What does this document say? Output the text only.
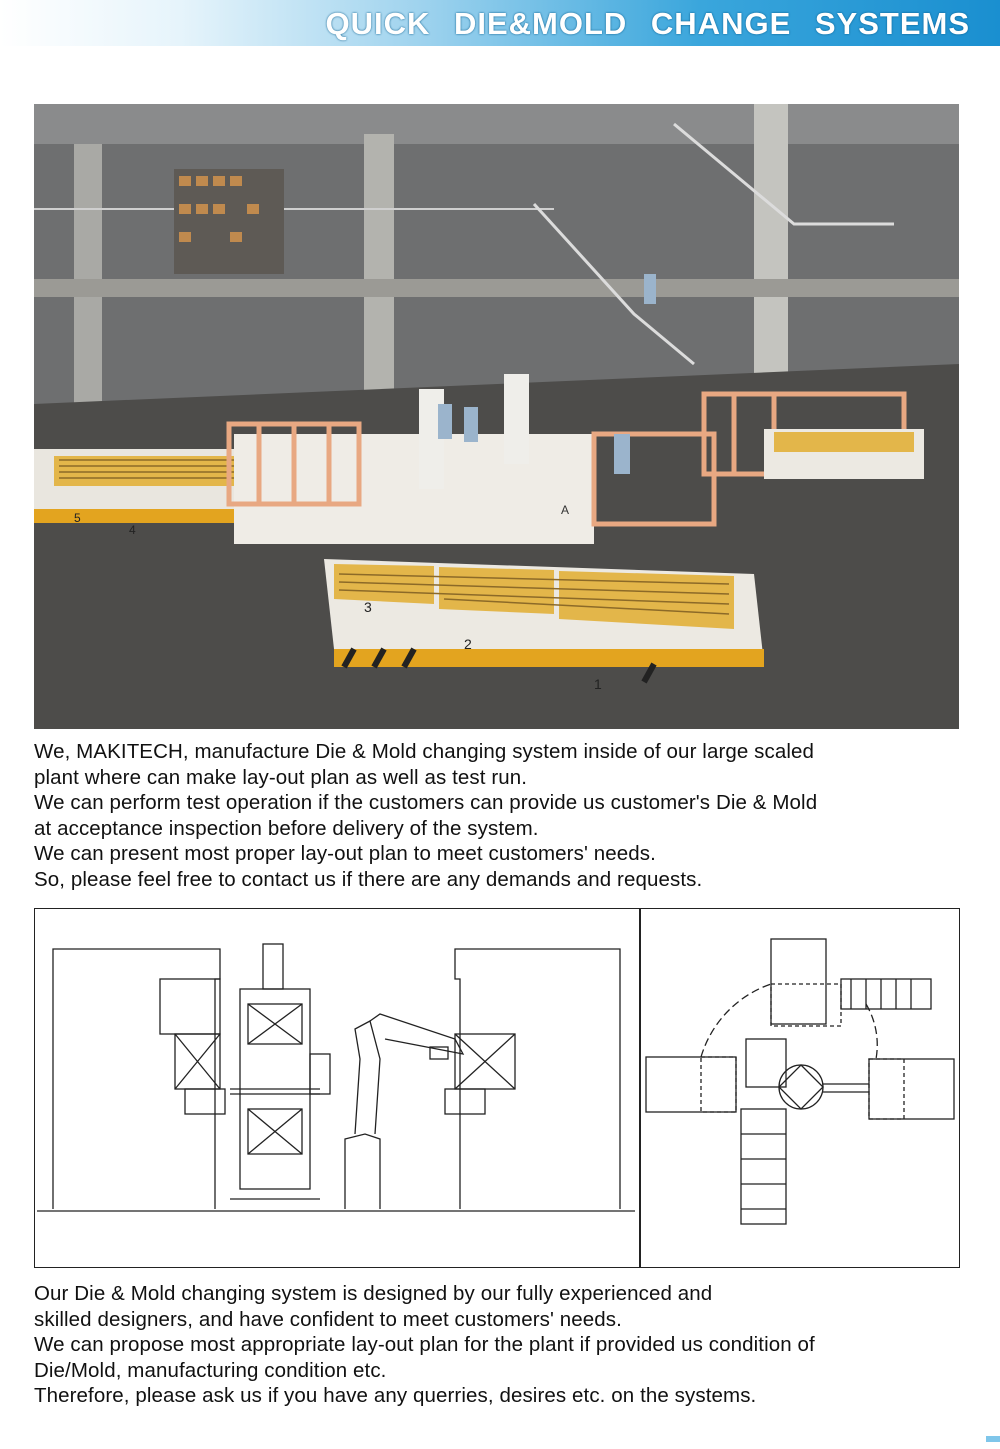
QUICK DIE&MOLD CHANGE SYSTEMS
5
4
A
3
2
1
We, MAKITECH, manufacture Die & Mold changing system inside of our large scaled
plant where can make lay-out plan as well as test run.
We can perform test operation if the customers can provide us customer's Die & Mold
at acceptance inspection before delivery of the system.
We can present most proper lay-out plan to meet customers' needs.
So, please feel free to contact us if there are any demands and requests.
Our Die & Mold changing system is designed by our fully experienced and
skilled designers, and have confident to meet customers' needs.
We can propose most appropriate lay-out plan for the plant if provided us condition of
Die/Mold, manufacturing condition etc.
Therefore, please ask us if you have any querries, desires etc. on the systems.
